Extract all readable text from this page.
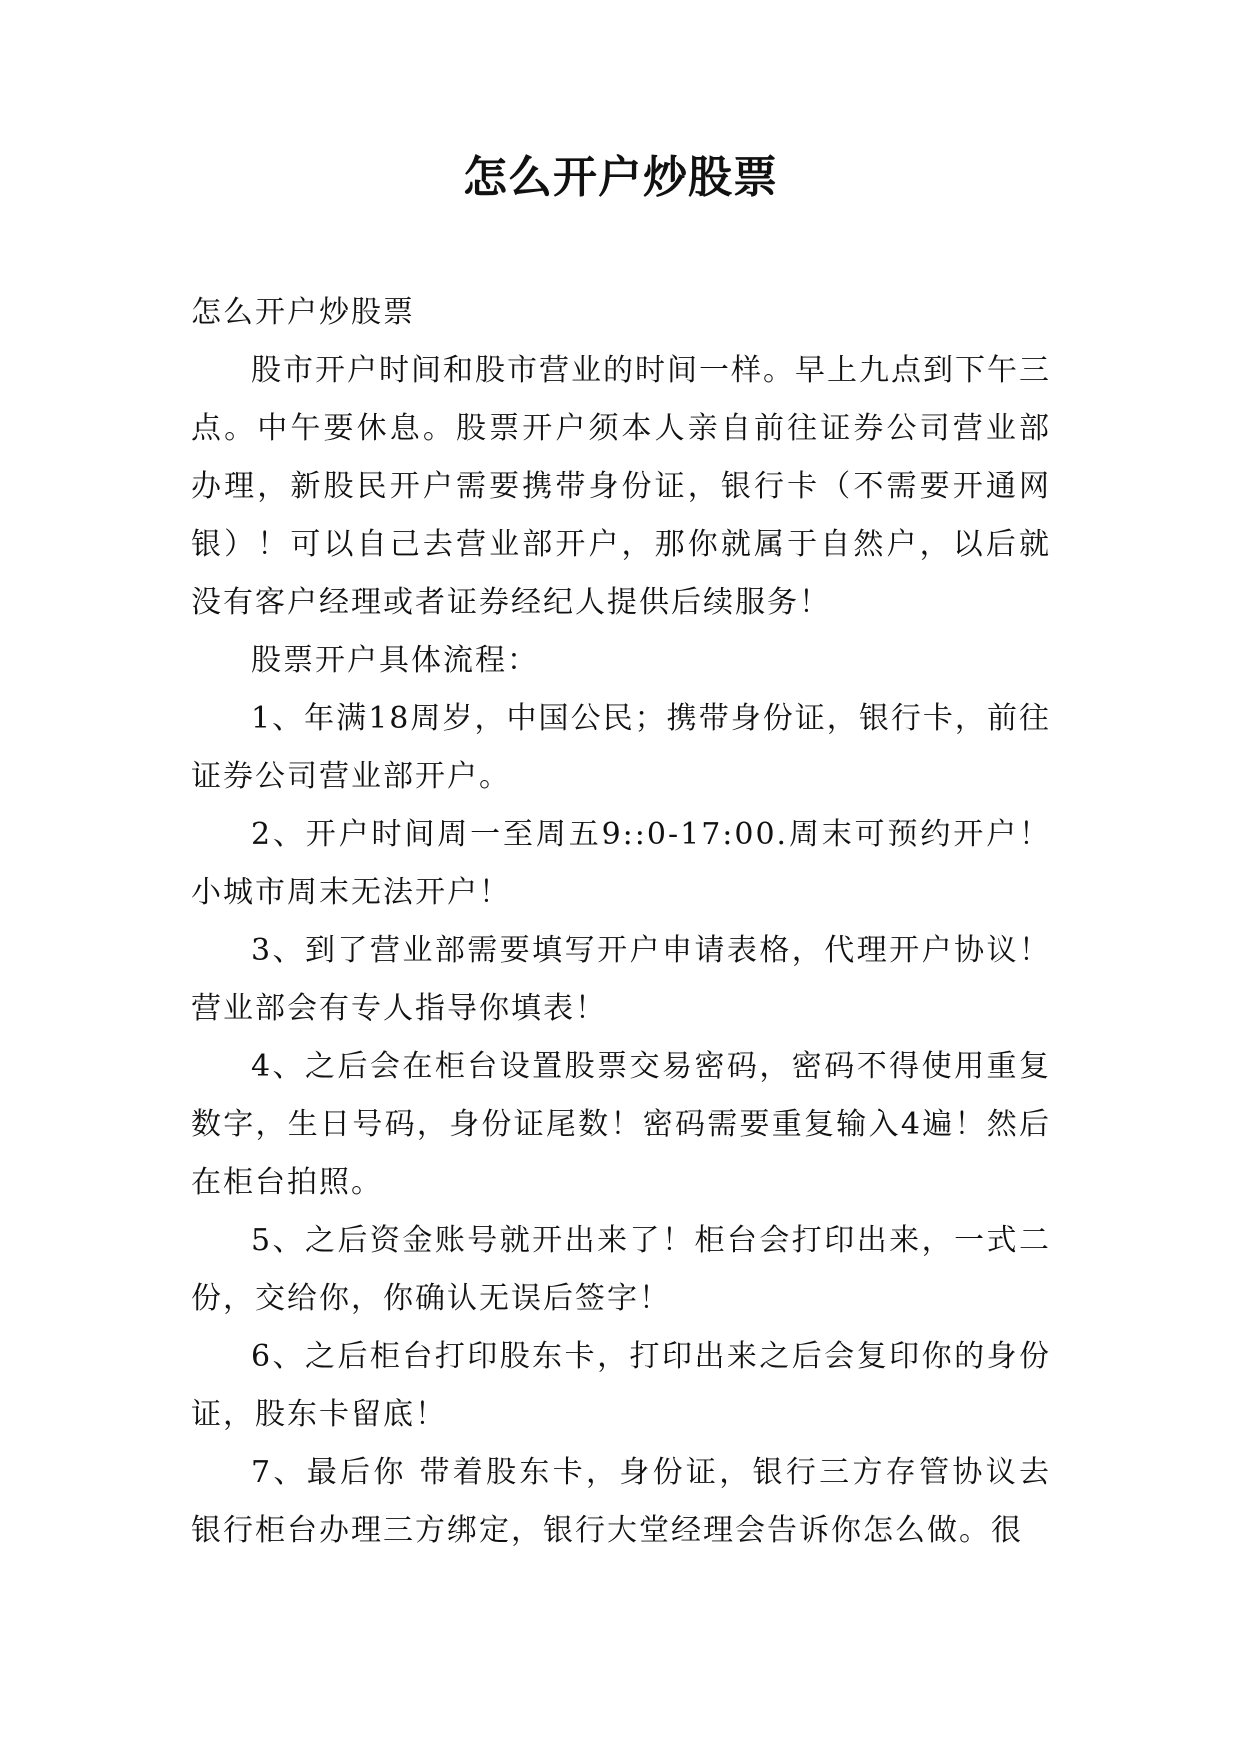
怎么开户炒股票

怎么开户炒股票

股市开户时间和股市营业的时间一样。早上九点到下午三点。中午要休息。股票开户须本人亲自前往证券公司营业部办理，新股民开户需要携带身份证，银行卡（不需要开通网银）！可以自己去营业部开户，那你就属于自然户，以后就没有客户经理或者证券经纪人提供后续服务！

股票开户具体流程：

1、年满18周岁，中国公民；携带身份证，银行卡，前往证券公司营业部开户。

2、开户时间周一至周五9::0-17:00.周末可预约开户！小城市周末无法开户！

3、到了营业部需要填写开户申请表格，代理开户协议！营业部会有专人指导你填表！

4、之后会在柜台设置股票交易密码，密码不得使用重复数字，生日号码，身份证尾数！密码需要重复输入4遍！然后在柜台拍照。

5、之后资金账号就开出来了！柜台会打印出来，一式二份，交给你，你确认无误后签字！

6、之后柜台打印股东卡，打印出来之后会复印你的身份证，股东卡留底！

7、最后你 带着股东卡，身份证，银行三方存管协议去银行柜台办理三方绑定，银行大堂经理会告诉你怎么做。很
